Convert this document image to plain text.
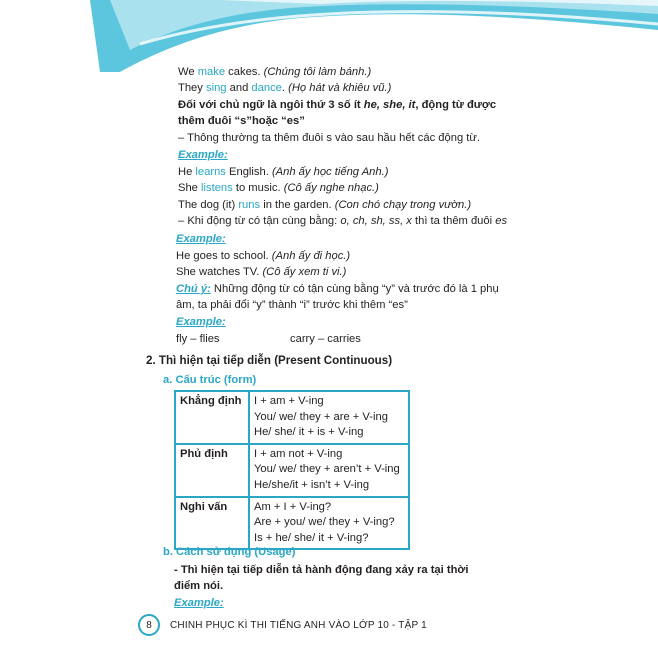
We make cakes. (Chúng tôi làm bánh.)
They sing and dance. (Họ hát và khiêu vũ.)
Đối với chủ ngữ là ngôi thứ 3 số ít he, she, it, động từ được
thêm đuôi “s”hoặc “es”
– Thông thường ta thêm đuôi s vào sau hầu hết các động từ.
Example:
He learns English. (Anh ấy học tiếng Anh.)
She listens to music. (Cô ấy nghe nhạc.)
The dog (it) runs in the garden. (Con chó chạy trong vườn.)
– Khi động từ có tận cùng bằng: o, ch, sh, ss, x thì ta thêm đuôi es
Example:
He goes to school. (Anh ấy đi học.)
She watches TV. (Cô ấy xem ti vi.)
Chú ý: Những động từ có tận cùng bằng “y” và trước đó là 1 phụ
âm, ta phải đổi “y” thành “i” trước khi thêm “es”
Example:
fly – flies	carry – carries
2. Thì hiện tại tiếp diễn (Present Continuous)
a. Cấu trúc (form)
Khẳng định	I + am + V-ing
You/ we/ they + are + V-ing
He/ she/ it + is + V-ing

Phủ định	I + am not + V-ing
You/ we/ they + aren’t + V-ing
He/she/it + isn’t + V-ing

Nghi vấn	Am + I + V-ing?
Are + you/ we/ they + V-ing?
Is + he/ she/ it + V-ing?
b. Cách sử dụng (Usage)
- Thì hiện tại tiếp diễn tả hành động đang xảy ra tại thời
điểm nói.
Example:
8	CHINH PHỤC KÌ THI TIẾNG ANH VÀO LỚP 10 - TẬP 1
